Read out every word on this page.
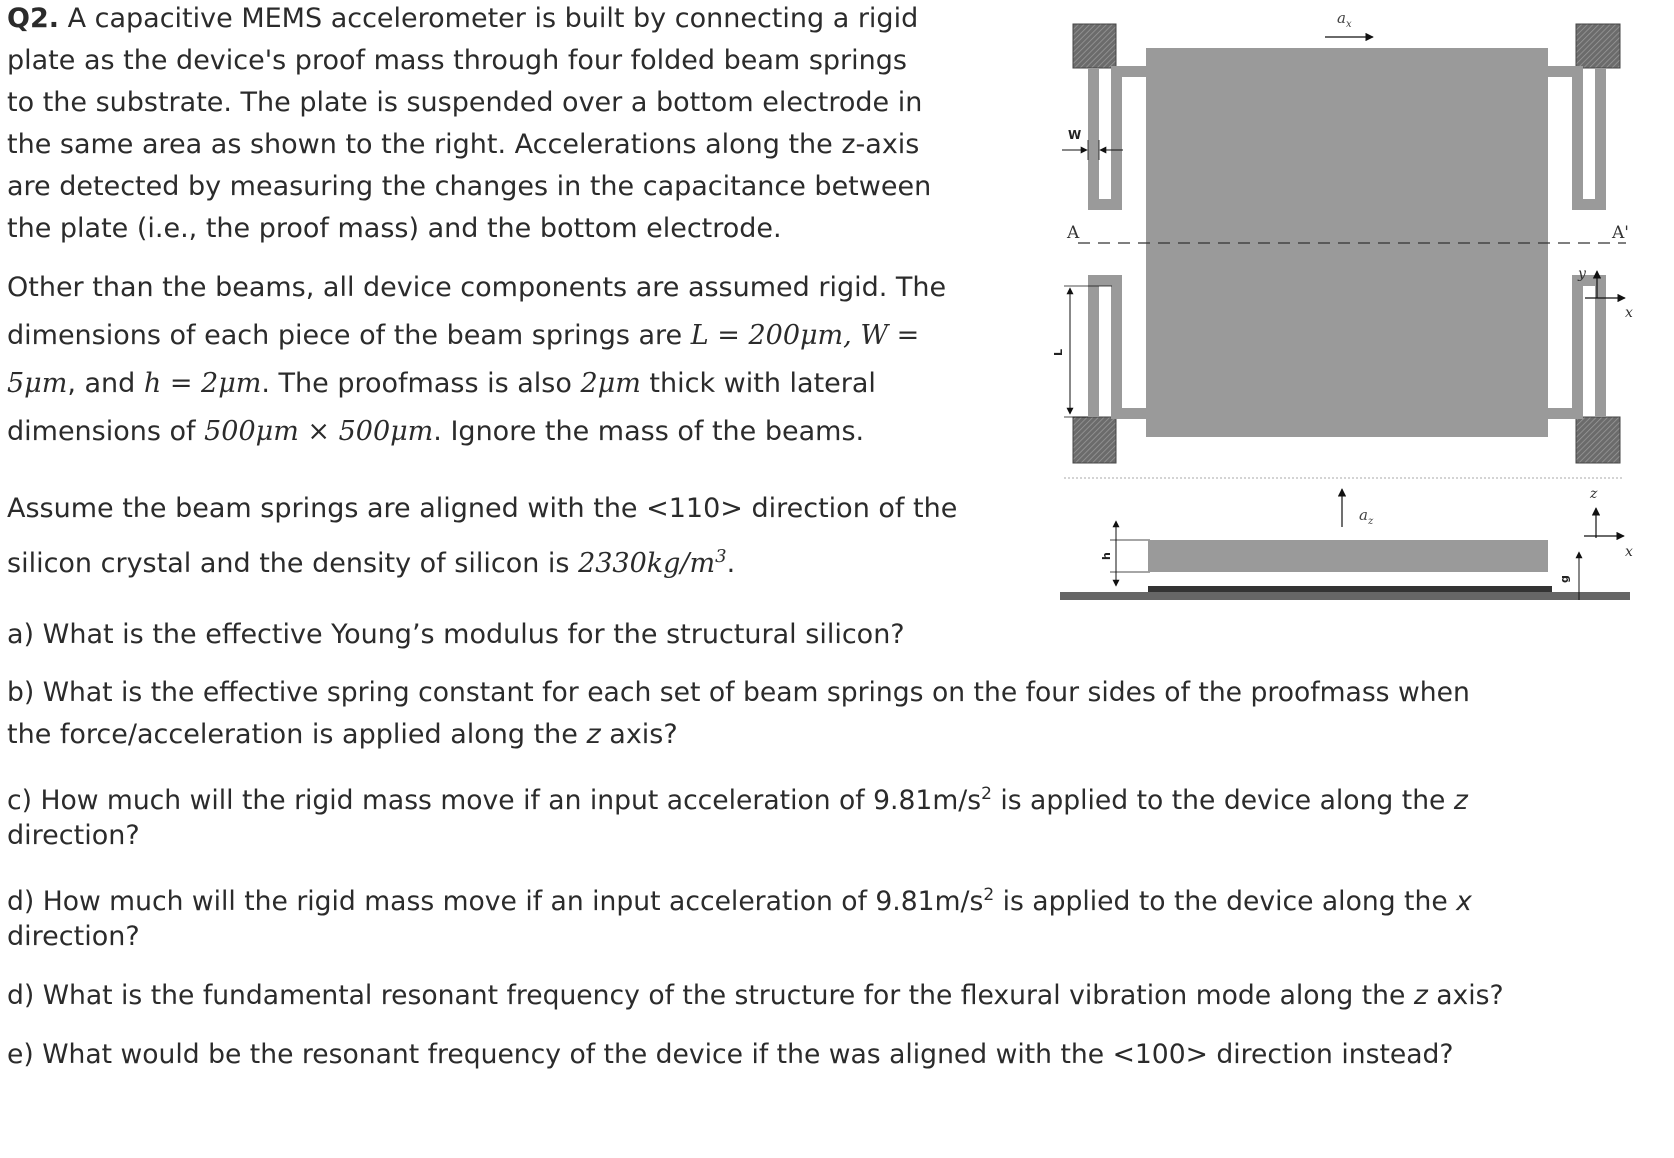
Q2. A capacitive MEMS accelerometer is built by connecting a rigid
plate as the device's proof mass through four folded beam springs
to the substrate. The plate is suspended over a bottom electrode in
the same area as shown to the right. Accelerations along the z-axis
are detected by measuring the changes in the capacitance between
the plate (i.e., the proof mass) and the bottom electrode.
Other than the beams, all device components are assumed rigid. The
dimensions of each piece of the beam springs are L = 200μm, W =
5μm, and h = 2μm. The proofmass is also 2μm thick with lateral
dimensions of 500μm × 500μm. Ignore the mass of the beams.
Assume the beam springs are aligned with the <110> direction of the
silicon crystal and the density of silicon is $2330kg/m^3$.
a) What is the effective Young’s modulus for the structural silicon?
b) What is the effective spring constant for each set of beam springs on the four sides of the proofmass when
the force/acceleration is applied along the z axis?
c) How much will the rigid mass move if an input acceleration of $9.81m/s^2$ is applied to the device along the z
direction?
d) How much will the rigid mass move if an input acceleration of $9.81m/s^2$ is applied to the device along the x
direction?
d) What is the fundamental resonant frequency of the structure for the flexural vibration mode along the z axis?
e) What would be the resonant frequency of the device if the was aligned with the <100> direction instead?
A	A'
$a_x$
W
L
y
x
$a_z$
z
x
h
g
